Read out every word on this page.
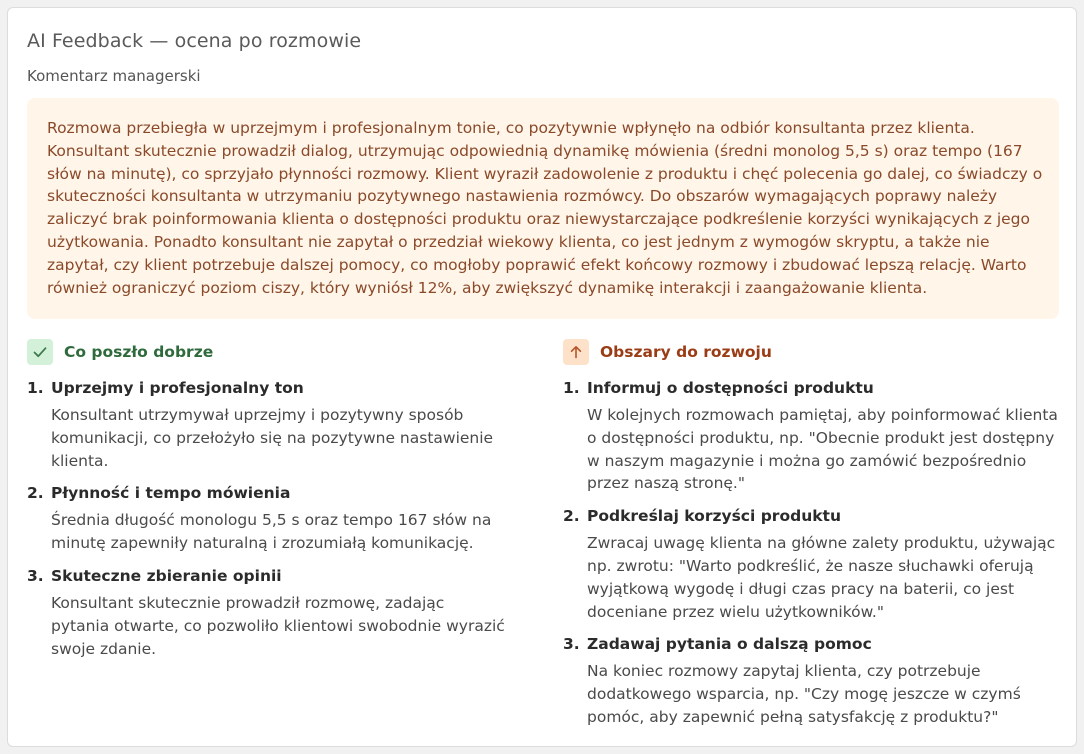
AI Feedback — ocena po rozmowie
Komentarz managerski
Rozmowa przebiegła w uprzejmym i profesjonalnym tonie, co pozytywnie wpłynęło na odbiór konsultanta przez klienta. Konsultant skutecznie prowadził dialog, utrzymując odpowiednią dynamikę mówienia (średni monolog 5,5 s) oraz tempo (167 słów na minutę), co sprzyjało płynności rozmowy. Klient wyraził zadowolenie z produktu i chęć polecenia go dalej, co świadczy o skuteczności konsultanta w utrzymaniu pozytywnego nastawienia rozmówcy. Do obszarów wymagających poprawy należy zaliczyć brak poinformowania klienta o dostępności produktu oraz niewystarczające podkreślenie korzyści wynikających z jego użytkowania. Ponadto konsultant nie zapytał o przedział wiekowy klienta, co jest jednym z wymogów skryptu, a także nie zapytał, czy klient potrzebuje dalszej pomocy, co mogłoby poprawić efekt końcowy rozmowy i zbudować lepszą relację. Warto również ograniczyć poziom ciszy, który wyniósł 12%, aby zwiększyć dynamikę interakcji i zaangażowanie klienta.
Co poszło dobrze
1. Uprzejmy i profesjonalny ton
Konsultant utrzymywał uprzejmy i pozytywny sposób komunikacji, co przełożyło się na pozytywne nastawienie klienta.
2. Płynność i tempo mówienia
Średnia długość monologu 5,5 s oraz tempo 167 słów na minutę zapewniły naturalną i zrozumiałą komunikację.
3. Skuteczne zbieranie opinii
Konsultant skutecznie prowadził rozmowę, zadając pytania otwarte, co pozwoliło klientowi swobodnie wyrazić swoje zdanie.
Obszary do rozwoju
1. Informuj o dostępności produktu
W kolejnych rozmowach pamiętaj, aby poinformować klienta o dostępności produktu, np. "Obecnie produkt jest dostępny w naszym magazynie i można go zamówić bezpośrednio przez naszą stronę."
2. Podkreślaj korzyści produktu
Zwracaj uwagę klienta na główne zalety produktu, używając np. zwrotu: "Warto podkreślić, że nasze słuchawki oferują wyjątkową wygodę i długi czas pracy na baterii, co jest doceniane przez wielu użytkowników."
3. Zadawaj pytania o dalszą pomoc
Na koniec rozmowy zapytaj klienta, czy potrzebuje dodatkowego wsparcia, np. "Czy mogę jeszcze w czymś pomóc, aby zapewnić pełną satysfakcję z produktu?"
